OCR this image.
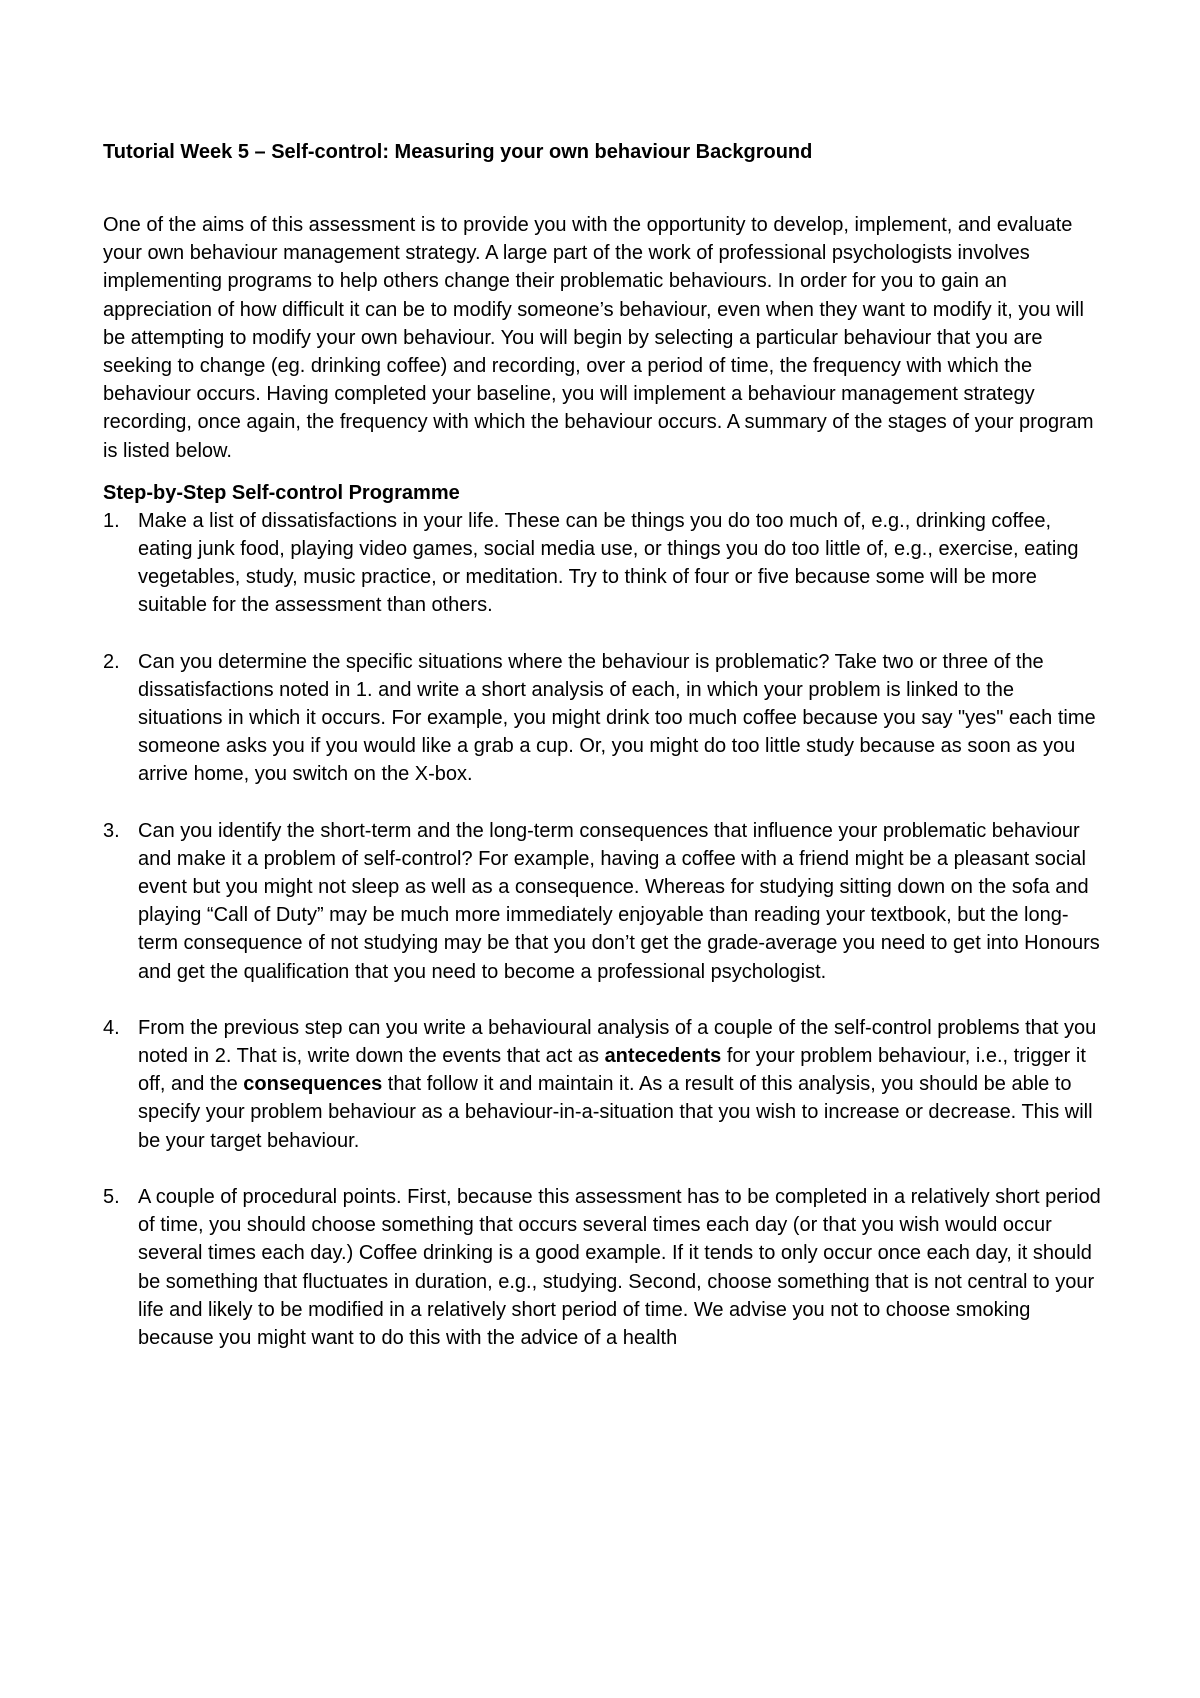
Tutorial Week 5 – Self-control: Measuring your own behaviour Background

One of the aims of this assessment is to provide you with the opportunity to develop, implement, and evaluate your own behaviour management strategy. A large part of the work of professional psychologists involves implementing programs to help others change their problematic behaviours. In order for you to gain an appreciation of how difficult it can be to modify someone’s behaviour, even when they want to modify it, you will be attempting to modify your own behaviour. You will begin by selecting a particular behaviour that you are seeking to change (eg. drinking coffee) and recording, over a period of time, the frequency with which the behaviour occurs. Having completed your baseline, you will implement a behaviour management strategy recording, once again, the frequency with which the behaviour occurs. A summary of the stages of your program is listed below.

Step-by-Step Self-control Programme

1. Make a list of dissatisfactions in your life. These can be things you do too much of, e.g., drinking coffee, eating junk food, playing video games, social media use, or things you do too little of, e.g., exercise, eating vegetables, study, music practice, or meditation. Try to think of four or five because some will be more suitable for the assessment than others.
2. Can you determine the specific situations where the behaviour is problematic? Take two or three of the dissatisfactions noted in 1. and write a short analysis of each, in which your problem is linked to the situations in which it occurs. For example, you might drink too much coffee because you say "yes" each time someone asks you if you would like a grab a cup. Or, you might do too little study because as soon as you arrive home, you switch on the X-box.
3. Can you identify the short-term and the long-term consequences that influence your problematic behaviour and make it a problem of self-control? For example, having a coffee with a friend might be a pleasant social event but you might not sleep as well as a consequence. Whereas for studying sitting down on the sofa and playing “Call of Duty” may be much more immediately enjoyable than reading your textbook, but the long-term consequence of not studying may be that you don’t get the grade-average you need to get into Honours and get the qualification that you need to become a professional psychologist.
4. From the previous step can you write a behavioural analysis of a couple of the self-control problems that you noted in 2. That is, write down the events that act as antecedents for your problem behaviour, i.e., trigger it off, and the consequences that follow it and maintain it. As a result of this analysis, you should be able to specify your problem behaviour as a behaviour-in-a-situation that you wish to increase or decrease. This will be your target behaviour.
5. A couple of procedural points. First, because this assessment has to be completed in a relatively short period of time, you should choose something that occurs several times each day (or that you wish would occur several times each day.) Coffee drinking is a good example. If it tends to only occur once each day, it should be something that fluctuates in duration, e.g., studying. Second, choose something that is not central to your life and likely to be modified in a relatively short period of time. We advise you not to choose smoking because you might want to do this with the advice of a health
